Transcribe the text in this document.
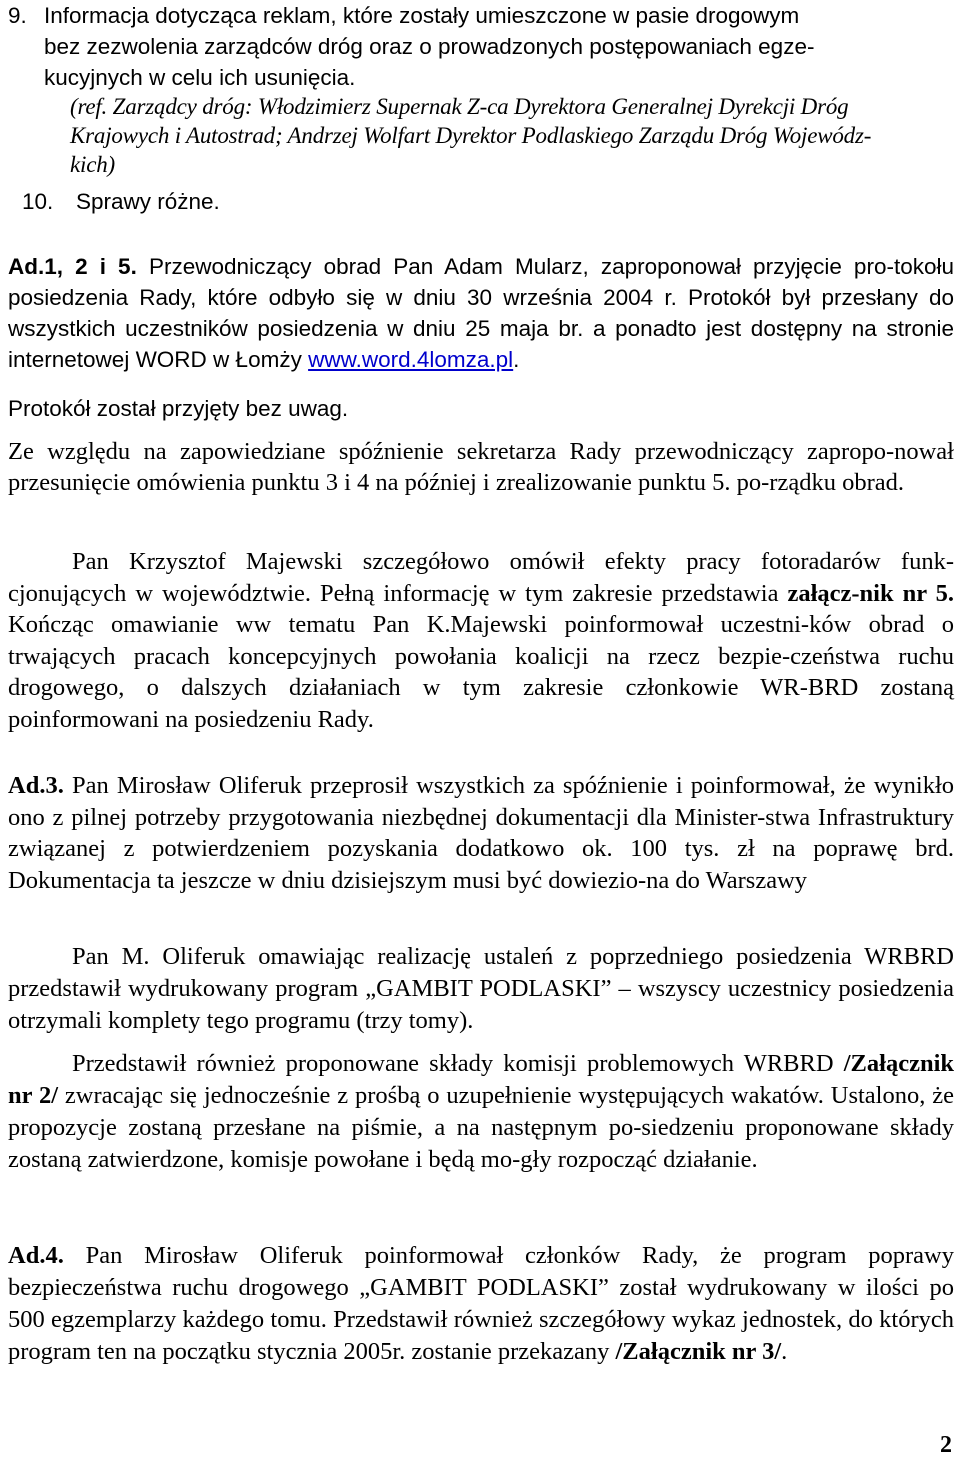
9. Informacja dotycząca reklam, które zostały umieszczone w pasie drogowym
bez zezwolenia zarządców dróg oraz o prowadzonych postępowaniach egze-
kucyjnych w celu ich usunięcia.
(ref. Zarządcy dróg: Włodzimierz Supernak Z-ca Dyrektora Generalnej Dyrekcji Dróg
Krajowych i Autostrad; Andrzej Wolfart Dyrektor Podlaskiego Zarządu Dróg Wojewódz-
kich)
10. Sprawy różne.
Ad.1, 2 i 5. Przewodniczący obrad Pan Adam Mularz, zaproponował przyjęcie pro-tokołu posiedzenia Rady, które odbyło się w dniu 30 września 2004 r. Protokół był przesłany do wszystkich uczestników posiedzenia w dniu 25 maja br. a ponadto jest dostępny na stronie internetowej WORD w Łomży www.word.4lomza.pl.
Protokół został przyjęty bez uwag.

Ze względu na zapowiedziane spóźnienie sekretarza Rady przewodniczący zapropo-nował przesunięcie omówienia punktu 3 i 4 na później i zrealizowanie punktu 5. po-rządku obrad.

Pan Krzysztof Majewski szczegółowo omówił efekty pracy fotoradarów funk-cjonujących w województwie. Pełną informację w tym zakresie przedstawia załącz-nik nr 5. Kończąc omawianie ww tematu Pan K.Majewski poinformował uczestni-ków obrad o trwających pracach koncepcyjnych powołania koalicji na rzecz bezpie-czeństwa ruchu drogowego, o dalszych działaniach w tym zakresie członkowie WR-BRD zostaną poinformowani na posiedzeniu Rady.

Ad.3. Pan Mirosław Oliferuk przeprosił wszystkich za spóźnienie i poinformował, że wynikło ono z pilnej potrzeby przygotowania niezbędnej dokumentacji dla Minister-stwa Infrastruktury związanej z potwierdzeniem pozyskania dodatkowo ok. 100 tys. zł na poprawę brd. Dokumentacja ta jeszcze w dniu dzisiejszym musi być dowiezio-na do Warszawy

Pan M. Oliferuk omawiając realizację ustaleń z poprzedniego posiedzenia WRBRD przedstawił wydrukowany program „GAMBIT PODLASKI” – wszyscy uczestnicy posiedzenia otrzymali komplety tego programu (trzy tomy).

Przedstawił również proponowane składy komisji problemowych WRBRD /Załącznik nr 2/ zwracając się jednocześnie z prośbą o uzupełnienie występujących wakatów. Ustalono, że propozycje zostaną przesłane na piśmie, a na następnym po-siedzeniu proponowane składy zostaną zatwierdzone, komisje powołane i będą mo-gły rozpocząć działanie.

Ad.4. Pan Mirosław Oliferuk poinformował członków Rady, że program poprawy bezpieczeństwa ruchu drogowego „GAMBIT PODLASKI” został wydrukowany w ilości po 500 egzemplarzy każdego tomu. Przedstawił również szczegółowy wykaz jednostek, do których program ten na początku stycznia 2005r. zostanie przekazany /Załącznik nr 3/.

2
